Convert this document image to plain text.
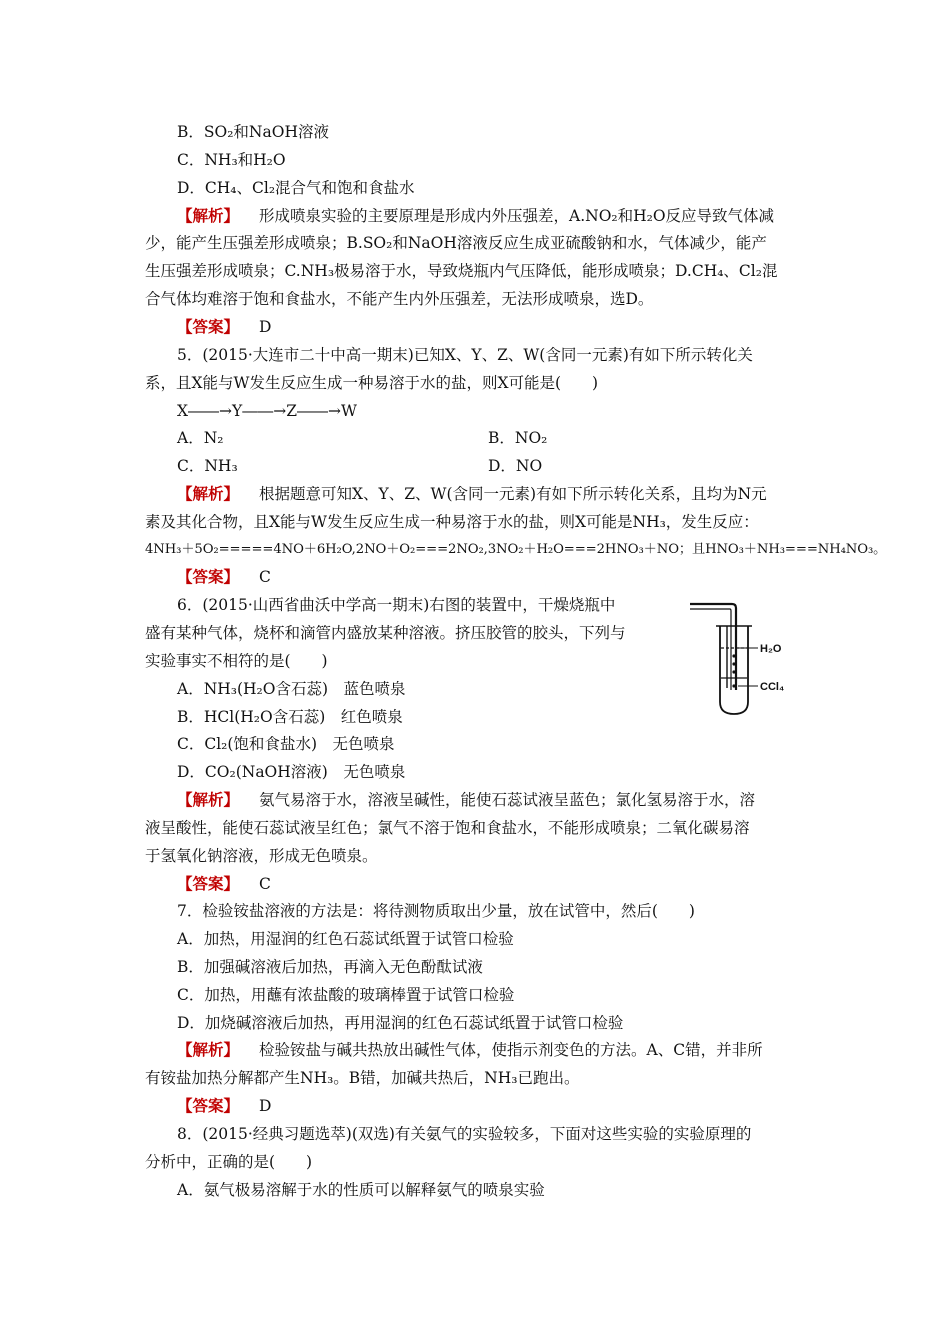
B．SO₂和NaOH溶液
C．NH₃和H₂O
D．CH₄、Cl₂混合气和饱和食盐水
【解析】 形成喷泉实验的主要原理是形成内外压强差，A.NO₂和H₂O反应导致气体减
少，能产生压强差形成喷泉；B.SO₂和NaOH溶液反应生成亚硫酸钠和水，气体减少，能产
生压强差形成喷泉；C.NH₃极易溶于水，导致烧瓶内气压降低，能形成喷泉；D.CH₄、Cl₂混
合气体均难溶于饱和食盐水，不能产生内外压强差，无法形成喷泉，选D。
【答案】 D
5．(2015·大连市二十中高一期末)已知X、Y、Z、W(含同一元素)有如下所示转化关
系，且X能与W发生反应生成一种易溶于水的盐，则X可能是(　　)
X――→Y――→Z――→W
A．N₂	B．NO₂
C．NH₃	D．NO
【解析】 根据题意可知X、Y、Z、W(含同一元素)有如下所示转化关系，且均为N元
素及其化合物，且X能与W发生反应生成一种易溶于水的盐，则X可能是NH₃，发生反应：
4NH₃＋5O₂=====4NO＋6H₂O,2NO＋O₂===2NO₂,3NO₂＋H₂O===2HNO₃＋NO；且HNO₃＋NH₃===NH₄NO₃。
【答案】 C
6．(2015·山西省曲沃中学高一期末)右图的装置中，干燥烧瓶中
盛有某种气体，烧杯和滴管内盛放某种溶液。挤压胶管的胶头，下列与
实验事实不相符的是(　　)
A．NH₃(H₂O含石蕊)　蓝色喷泉
B．HCl(H₂O含石蕊)　红色喷泉
C．Cl₂(饱和食盐水)　无色喷泉
D．CO₂(NaOH溶液)　无色喷泉
H₂O
CCl₄
【解析】 氨气易溶于水，溶液呈碱性，能使石蕊试液呈蓝色；氯化氢易溶于水，溶
液呈酸性，能使石蕊试液呈红色；氯气不溶于饱和食盐水，不能形成喷泉；二氧化碳易溶
于氢氧化钠溶液，形成无色喷泉。
【答案】 C
7．检验铵盐溶液的方法是：将待测物质取出少量，放在试管中，然后(　　)
A．加热，用湿润的红色石蕊试纸置于试管口检验
B．加强碱溶液后加热，再滴入无色酚酞试液
C．加热，用蘸有浓盐酸的玻璃棒置于试管口检验
D．加烧碱溶液后加热，再用湿润的红色石蕊试纸置于试管口检验
【解析】 检验铵盐与碱共热放出碱性气体，使指示剂变色的方法。A、C错，并非所
有铵盐加热分解都产生NH₃。B错，加碱共热后，NH₃已跑出。
【答案】 D
8．(2015·经典习题选萃)(双选)有关氨气的实验较多，下面对这些实验的实验原理的
分析中，正确的是(　　)
A．氨气极易溶解于水的性质可以解释氨气的喷泉实验
